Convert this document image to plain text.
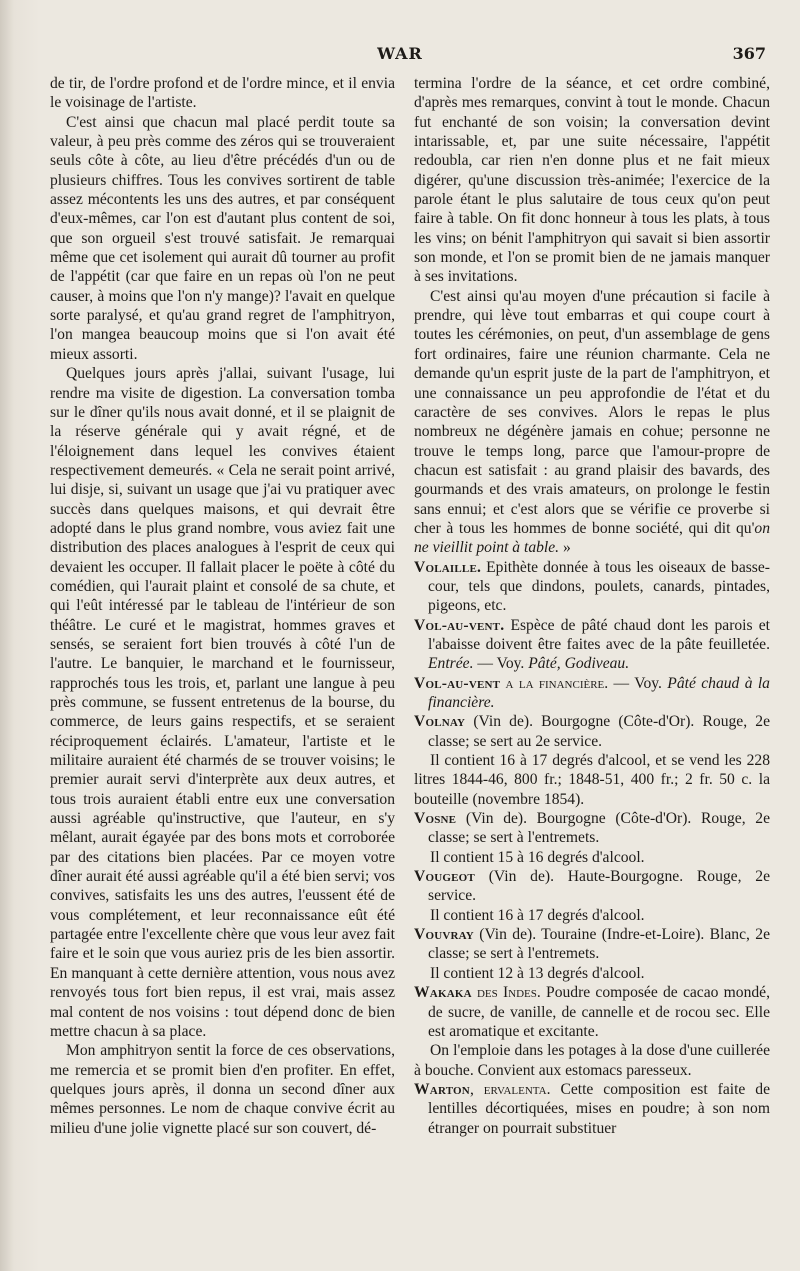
WAR	367

de tir, de l'ordre profond et de l'ordre mince, et il envia le voisinage de l'artiste.

C'est ainsi que chacun mal placé perdit toute sa valeur, à peu près comme des zéros qui se trouveraient seuls côte à côte, au lieu d'être précédés d'un ou de plusieurs chiffres. Tous les convives sortirent de table assez mécontents les uns des autres, et par conséquent d'eux-mêmes, car l'on est d'autant plus content de soi, que son orgueil s'est trouvé satisfait. Je remarquai même que cet isolement qui aurait dû tourner au profit de l'appétit (car que faire en un repas où l'on ne peut causer, à moins que l'on n'y mange)? l'avait en quelque sorte paralysé, et qu'au grand regret de l'amphitryon, l'on mangea beaucoup moins que si l'on avait été mieux assorti.

Quelques jours après j'allai, suivant l'usage, lui rendre ma visite de digestion. La conversation tomba sur le dîner qu'ils nous avait donné, et il se plaignit de la réserve générale qui y avait régné, et de l'éloignement dans lequel les convives étaient respectivement demeurés. « Cela ne serait point arrivé, lui disje, si, suivant un usage que j'ai vu pratiquer avec succès dans quelques maisons, et qui devrait être adopté dans le plus grand nombre, vous aviez fait une distribution des places analogues à l'esprit de ceux qui devaient les occuper. Il fallait placer le poëte à côté du comédien, qui l'aurait plaint et consolé de sa chute, et qui l'eût intéressé par le tableau de l'intérieur de son théâtre. Le curé et le magistrat, hommes graves et sensés, se seraient fort bien trouvés à côté l'un de l'autre. Le banquier, le marchand et le fournisseur, rapprochés tous les trois, et, parlant une langue à peu près commune, se fussent entretenus de la bourse, du commerce, de leurs gains respectifs, et se seraient réciproquement éclairés. L'amateur, l'artiste et le militaire auraient été charmés de se trouver voisins; le premier aurait servi d'interprète aux deux autres, et tous trois auraient établi entre eux une conversation aussi agréable qu'instructive, que l'auteur, en s'y mêlant, aurait égayée par des bons mots et corroborée par des citations bien placées. Par ce moyen votre dîner aurait été aussi agréable qu'il a été bien servi; vos convives, satisfaits les uns des autres, l'eussent été de vous complétement, et leur reconnaissance eût été partagée entre l'excellente chère que vous leur avez fait faire et le soin que vous auriez pris de les bien assortir. En manquant à cette dernière attention, vous nous avez renvoyés tous fort bien repus, il est vrai, mais assez mal content de nos voisins : tout dépend donc de bien mettre chacun à sa place.

Mon amphitryon sentit la force de ces observations, me remercia et se promit bien d'en profiter. En effet, quelques jours après, il donna un second dîner aux mêmes personnes. Le nom de chaque convive écrit au milieu d'une jolie vignette placé sur son couvert, dé-

termina l'ordre de la séance, et cet ordre combiné, d'après mes remarques, convint à tout le monde. Chacun fut enchanté de son voisin; la conversation devint intarissable, et, par une suite nécessaire, l'appétit redoubla, car rien n'en donne plus et ne fait mieux digérer, qu'une discussion très-animée; l'exercice de la parole étant le plus salutaire de tous ceux qu'on peut faire à table. On fit donc honneur à tous les plats, à tous les vins; on bénit l'amphitryon qui savait si bien assortir son monde, et l'on se promit bien de ne jamais manquer à ses invitations.

C'est ainsi qu'au moyen d'une précaution si facile à prendre, qui lève tout embarras et qui coupe court à toutes les cérémonies, on peut, d'un assemblage de gens fort ordinaires, faire une réunion charmante. Cela ne demande qu'un esprit juste de la part de l'amphitryon, et une connaissance un peu approfondie de l'état et du caractère de ses convives. Alors le repas le plus nombreux ne dégénère jamais en cohue; personne ne trouve le temps long, parce que l'amour-propre de chacun est satisfait : au grand plaisir des bavards, des gourmands et des vrais amateurs, on prolonge le festin sans ennui; et c'est alors que se vérifie ce proverbe si cher à tous les hommes de bonne société, qui dit qu'on ne vieillit point à table. »

Volaille. Epithète donnée à tous les oiseaux de basse-cour, tels que dindons, poulets, canards, pintades, pigeons, etc.

Vol-au-vent. Espèce de pâté chaud dont les parois et l'abaisse doivent être faites avec de la pâte feuilletée. Entrée. — Voy. Pâté, Godiveau.

Vol-au-vent a la financière. — Voy. Pâté chaud à la financière.

Volnay (Vin de). Bourgogne (Côte-d'Or). Rouge, 2e classe; se sert au 2e service.

Il contient 16 à 17 degrés d'alcool, et se vend les 228 litres 1844-46, 800 fr.; 1848-51, 400 fr.; 2 fr. 50 c. la bouteille (novembre 1854).

Vosne (Vin de). Bourgogne (Côte-d'Or). Rouge, 2e classe; se sert à l'entremets.

Il contient 15 à 16 degrés d'alcool.

Vougeot (Vin de). Haute-Bourgogne. Rouge, 2e service.

Il contient 16 à 17 degrés d'alcool.

Vouvray (Vin de). Touraine (Indre-et-Loire). Blanc, 2e classe; se sert à l'entremets.

Il contient 12 à 13 degrés d'alcool.

Wakaka des Indes. Poudre composée de cacao mondé, de sucre, de vanille, de cannelle et de rocou sec. Elle est aromatique et excitante.

On l'emploie dans les potages à la dose d'une cuillerée à bouche. Convient aux estomacs paresseux.

Warton, ervalenta. Cette composition est faite de lentilles décortiquées, mises en poudre; à son nom étranger on pourrait substituer
